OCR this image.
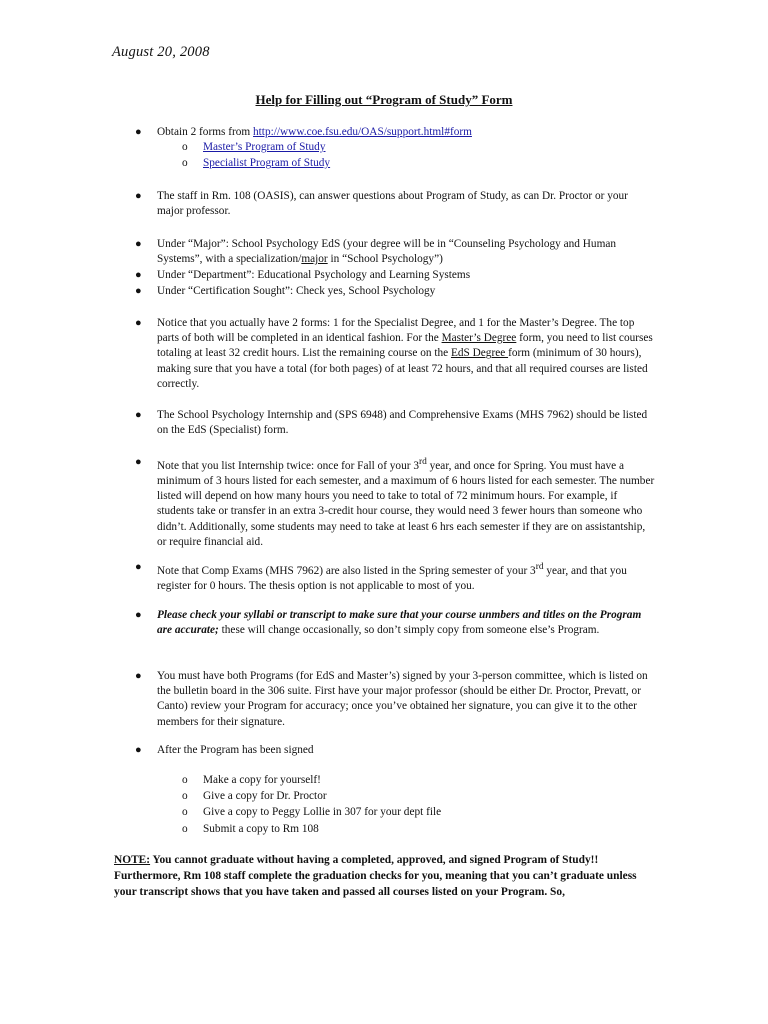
August 20, 2008
Help for Filling out “Program of Study” Form
● Obtain 2 forms from http://www.coe.fsu.edu/OAS/support.html#form
o Master’s Program of Study
o Specialist Program of Study
● The staff in Rm. 108 (OASIS), can answer questions about Program of Study, as can Dr. Proctor or your major professor.
● Under “Major”: School Psychology EdS (your degree will be in “Counseling Psychology and Human Systems”, with a specialization/major in “School Psychology”)
● Under “Department”: Educational Psychology and Learning Systems
● Under “Certification Sought”: Check yes, School Psychology
● Notice that you actually have 2 forms: 1 for the Specialist Degree, and 1 for the Master’s Degree. The top parts of both will be completed in an identical fashion. For the Master’s Degree form, you need to list courses totaling at least 32 credit hours. List the remaining course on the EdS Degree form (minimum of 30 hours), making sure that you have a total (for both pages) of at least 72 hours, and that all required courses are listed correctly.
● The School Psychology Internship and (SPS 6948) and Comprehensive Exams (MHS 7962) should be listed on the EdS (Specialist) form.
● Note that you list Internship twice: once for Fall of your 3rd year, and once for Spring. You must have a minimum of 3 hours listed for each semester, and a maximum of 6 hours listed for each semester. The number listed will depend on how many hours you need to take to total of 72 minimum hours. For example, if students take or transfer in an extra 3-credit hour course, they would need 3 fewer hours than someone who didn’t. Additionally, some students may need to take at least 6 hrs each semester if they are on assistantship, or require financial aid.
● Note that Comp Exams (MHS 7962) are also listed in the Spring semester of your 3rd year, and that you register for 0 hours. The thesis option is not applicable to most of you.
● Please check your syllabi or transcript to make sure that your course unmbers and titles on the Program are accurate; these will change occasionally, so don’t simply copy from someone else’s Program.
● You must have both Programs (for EdS and Master’s) signed by your 3-person committee, which is listed on the bulletin board in the 306 suite. First have your major professor (should be either Dr. Proctor, Prevatt, or Canto) review your Program for accuracy; once you’ve obtained her signature, you can give it to the other members for their signature.
● After the Program has been signed
o Make a copy for yourself!
o Give a copy for Dr. Proctor
o Give a copy to Peggy Lollie in 307 for your dept file
o Submit a copy to Rm 108
NOTE: You cannot graduate without having a completed, approved, and signed Program of Study!! Furthermore, Rm 108 staff complete the graduation checks for you, meaning that you can’t graduate unless your transcript shows that you have taken and passed all courses listed on your Program. So,
